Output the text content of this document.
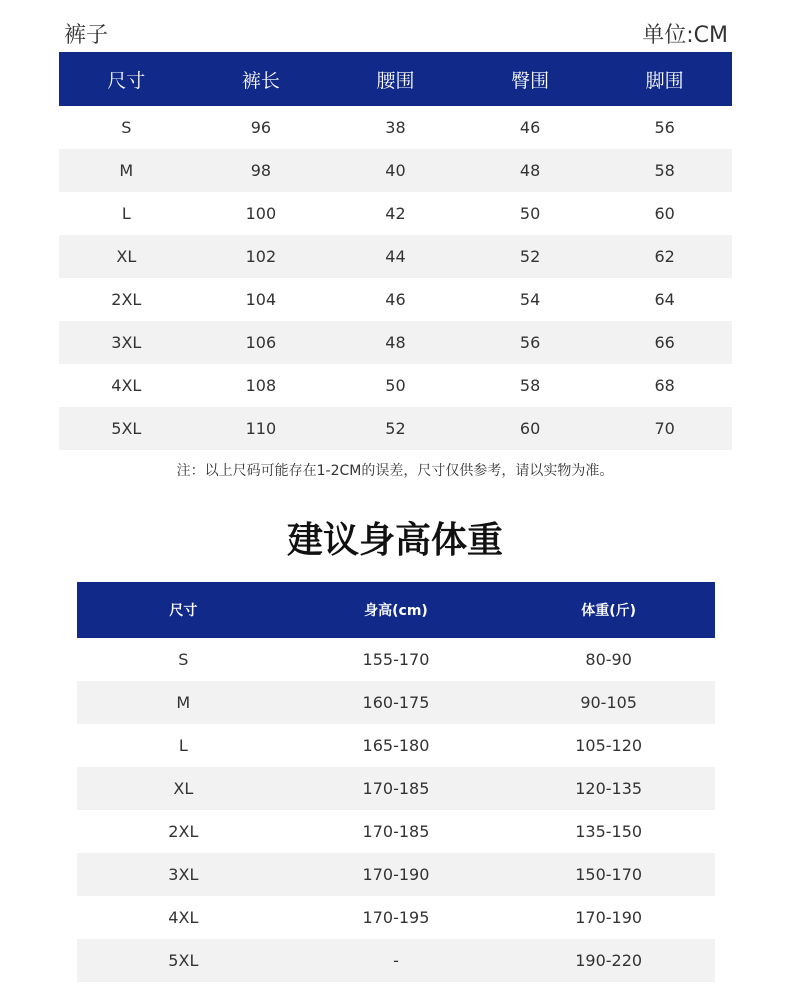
裤子	单位:CM
尺寸	裤长	腰围	臀围	脚围
S	96	38	46	56
M	98	40	48	58
L	100	42	50	60
XL	102	44	52	62
2XL	104	46	54	64
3XL	106	48	56	66
4XL	108	50	58	68
5XL	110	52	60	70
注：以上尺码可能存在1-2CM的误差，尺寸仅供参考，请以实物为准。
建议身高体重
尺寸	身高(cm)	体重(斤)
S	155-170	80-90
M	160-175	90-105
L	165-180	105-120
XL	170-185	120-135
2XL	170-185	135-150
3XL	170-190	150-170
4XL	170-195	170-190
5XL	-	190-220
